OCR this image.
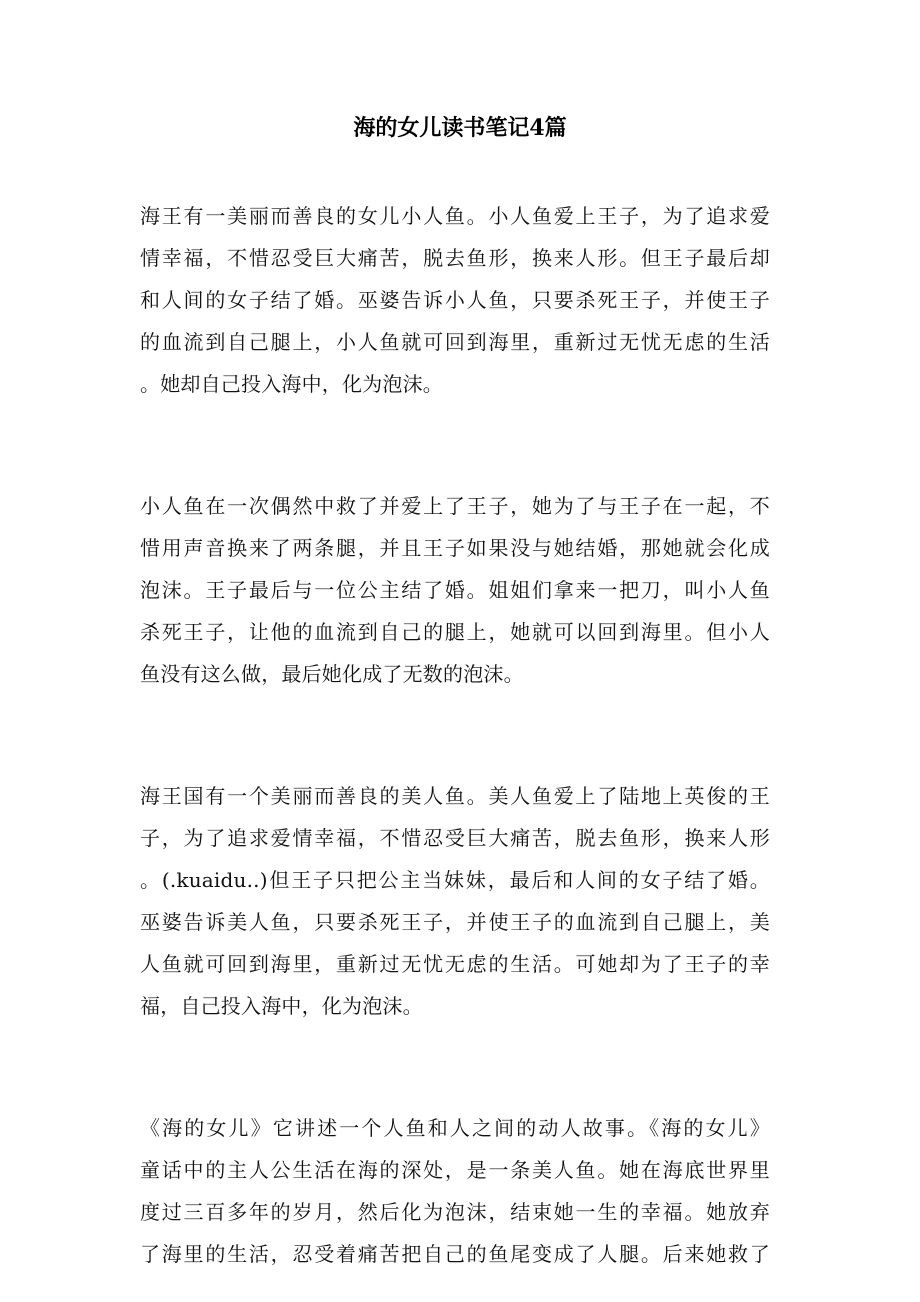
海的女儿读书笔记4篇
海王有一美丽而善良的女儿小人鱼。小人鱼爱上王子，为了追求爱
情幸福，不惜忍受巨大痛苦，脱去鱼形，换来人形。但王子最后却
和人间的女子结了婚。巫婆告诉小人鱼，只要杀死王子，并使王子
的血流到自己腿上，小人鱼就可回到海里，重新过无忧无虑的生活
。她却自己投入海中，化为泡沫。
小人鱼在一次偶然中救了并爱上了王子，她为了与王子在一起，不
惜用声音换来了两条腿，并且王子如果没与她结婚，那她就会化成
泡沫。王子最后与一位公主结了婚。姐姐们拿来一把刀，叫小人鱼
杀死王子，让他的血流到自己的腿上，她就可以回到海里。但小人
鱼没有这么做，最后她化成了无数的泡沫。
海王国有一个美丽而善良的美人鱼。美人鱼爱上了陆地上英俊的王
子，为了追求爱情幸福，不惜忍受巨大痛苦，脱去鱼形，换来人形
。(.kuaidu..)但王子只把公主当妹妹，最后和人间的女子结了婚。
巫婆告诉美人鱼，只要杀死王子，并使王子的血流到自己腿上，美
人鱼就可回到海里，重新过无忧无虑的生活。可她却为了王子的幸
福，自己投入海中，化为泡沫。
《海的女儿》它讲述一个人鱼和人之间的动人故事。《海的女儿》
童话中的主人公生活在海的深处，是一条美人鱼。她在海底世界里
度过三百多年的岁月，然后化为泡沫，结束她一生的幸福。她放弃
了海里的生活，忍受着痛苦把自己的鱼尾变成了人腿。后来她救了
